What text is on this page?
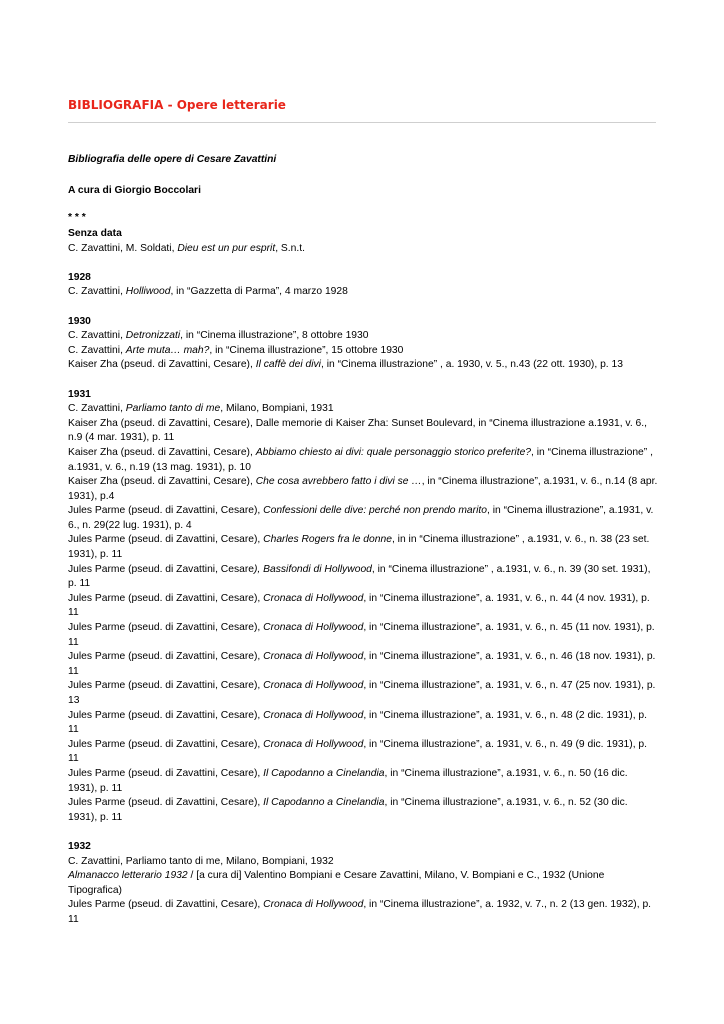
BIBLIOGRAFIA - Opere letterarie
Bibliografia delle opere di Cesare Zavattini
A cura di Giorgio Boccolari
* * *
Senza data
C. Zavattini, M. Soldati, Dieu est un pur esprit, S.n.t.
1928
C. Zavattini, Holliwood, in “Gazzetta di Parma”, 4 marzo 1928
1930
C. Zavattini, Detronizzati, in “Cinema illustrazione”, 8 ottobre 1930
C. Zavattini, Arte muta… mah?, in “Cinema illustrazione”, 15 ottobre 1930
Kaiser Zha (pseud. di Zavattini, Cesare), Il caffè dei divi, in “Cinema illustrazione” , a. 1930, v. 5., n.43 (22 ott. 1930), p. 13
1931
C. Zavattini, Parliamo tanto di me, Milano, Bompiani, 1931
Kaiser Zha (pseud. di Zavattini, Cesare), Dalle memorie di Kaiser Zha: Sunset Boulevard, in “Cinema illustrazione a.1931, v. 6., n.9 (4 mar. 1931), p. 11
Kaiser Zha (pseud. di Zavattini, Cesare), Abbiamo chiesto ai divi: quale personaggio storico preferite?, in “Cinema illustrazione” , a.1931, v. 6., n.19 (13 mag. 1931), p. 10
Kaiser Zha (pseud. di Zavattini, Cesare), Che cosa avrebbero fatto i divi se …, in “Cinema illustrazione”, a.1931, v. 6., n.14 (8 apr. 1931), p.4
Jules Parme (pseud. di Zavattini, Cesare), Confessioni delle dive: perché non prendo marito, in “Cinema illustrazione”, a.1931, v. 6., n. 29(22 lug. 1931), p. 4
Jules Parme (pseud. di Zavattini, Cesare), Charles Rogers fra le donne, in in “Cinema illustrazione” , a.1931, v. 6., n. 38 (23 set. 1931), p. 11
Jules Parme (pseud. di Zavattini, Cesare), Bassifondi di Hollywood, in “Cinema illustrazione” , a.1931, v. 6., n. 39 (30 set. 1931), p. 11
Jules Parme (pseud. di Zavattini, Cesare), Cronaca di Hollywood, in “Cinema illustrazione”, a. 1931, v. 6., n. 44 (4 nov. 1931), p. 11
Jules Parme (pseud. di Zavattini, Cesare), Cronaca di Hollywood, in “Cinema illustrazione”, a. 1931, v. 6., n. 45 (11 nov. 1931), p. 11
Jules Parme (pseud. di Zavattini, Cesare), Cronaca di Hollywood, in “Cinema illustrazione”, a. 1931, v. 6., n. 46 (18 nov. 1931), p. 11
Jules Parme (pseud. di Zavattini, Cesare), Cronaca di Hollywood, in “Cinema illustrazione”, a. 1931, v. 6., n. 47 (25 nov. 1931), p. 13
Jules Parme (pseud. di Zavattini, Cesare), Cronaca di Hollywood, in “Cinema illustrazione”, a. 1931, v. 6., n. 48 (2 dic. 1931), p. 11
Jules Parme (pseud. di Zavattini, Cesare), Cronaca di Hollywood, in “Cinema illustrazione”, a. 1931, v. 6., n. 49 (9 dic. 1931), p. 11
Jules Parme (pseud. di Zavattini, Cesare), Il Capodanno a Cinelandia, in “Cinema illustrazione”, a.1931, v. 6., n. 50 (16 dic. 1931), p. 11
Jules Parme (pseud. di Zavattini, Cesare), Il Capodanno a Cinelandia, in “Cinema illustrazione”, a.1931, v. 6., n. 52 (30 dic. 1931), p. 11
1932
C. Zavattini, Parliamo tanto di me, Milano, Bompiani, 1932
Almanacco letterario 1932 / [a cura di] Valentino Bompiani e Cesare Zavattini, Milano, V. Bompiani e C., 1932 (Unione Tipografica)
Jules Parme (pseud. di Zavattini, Cesare), Cronaca di Hollywood, in “Cinema illustrazione”, a. 1932, v. 7., n. 2 (13 gen. 1932), p. 11
